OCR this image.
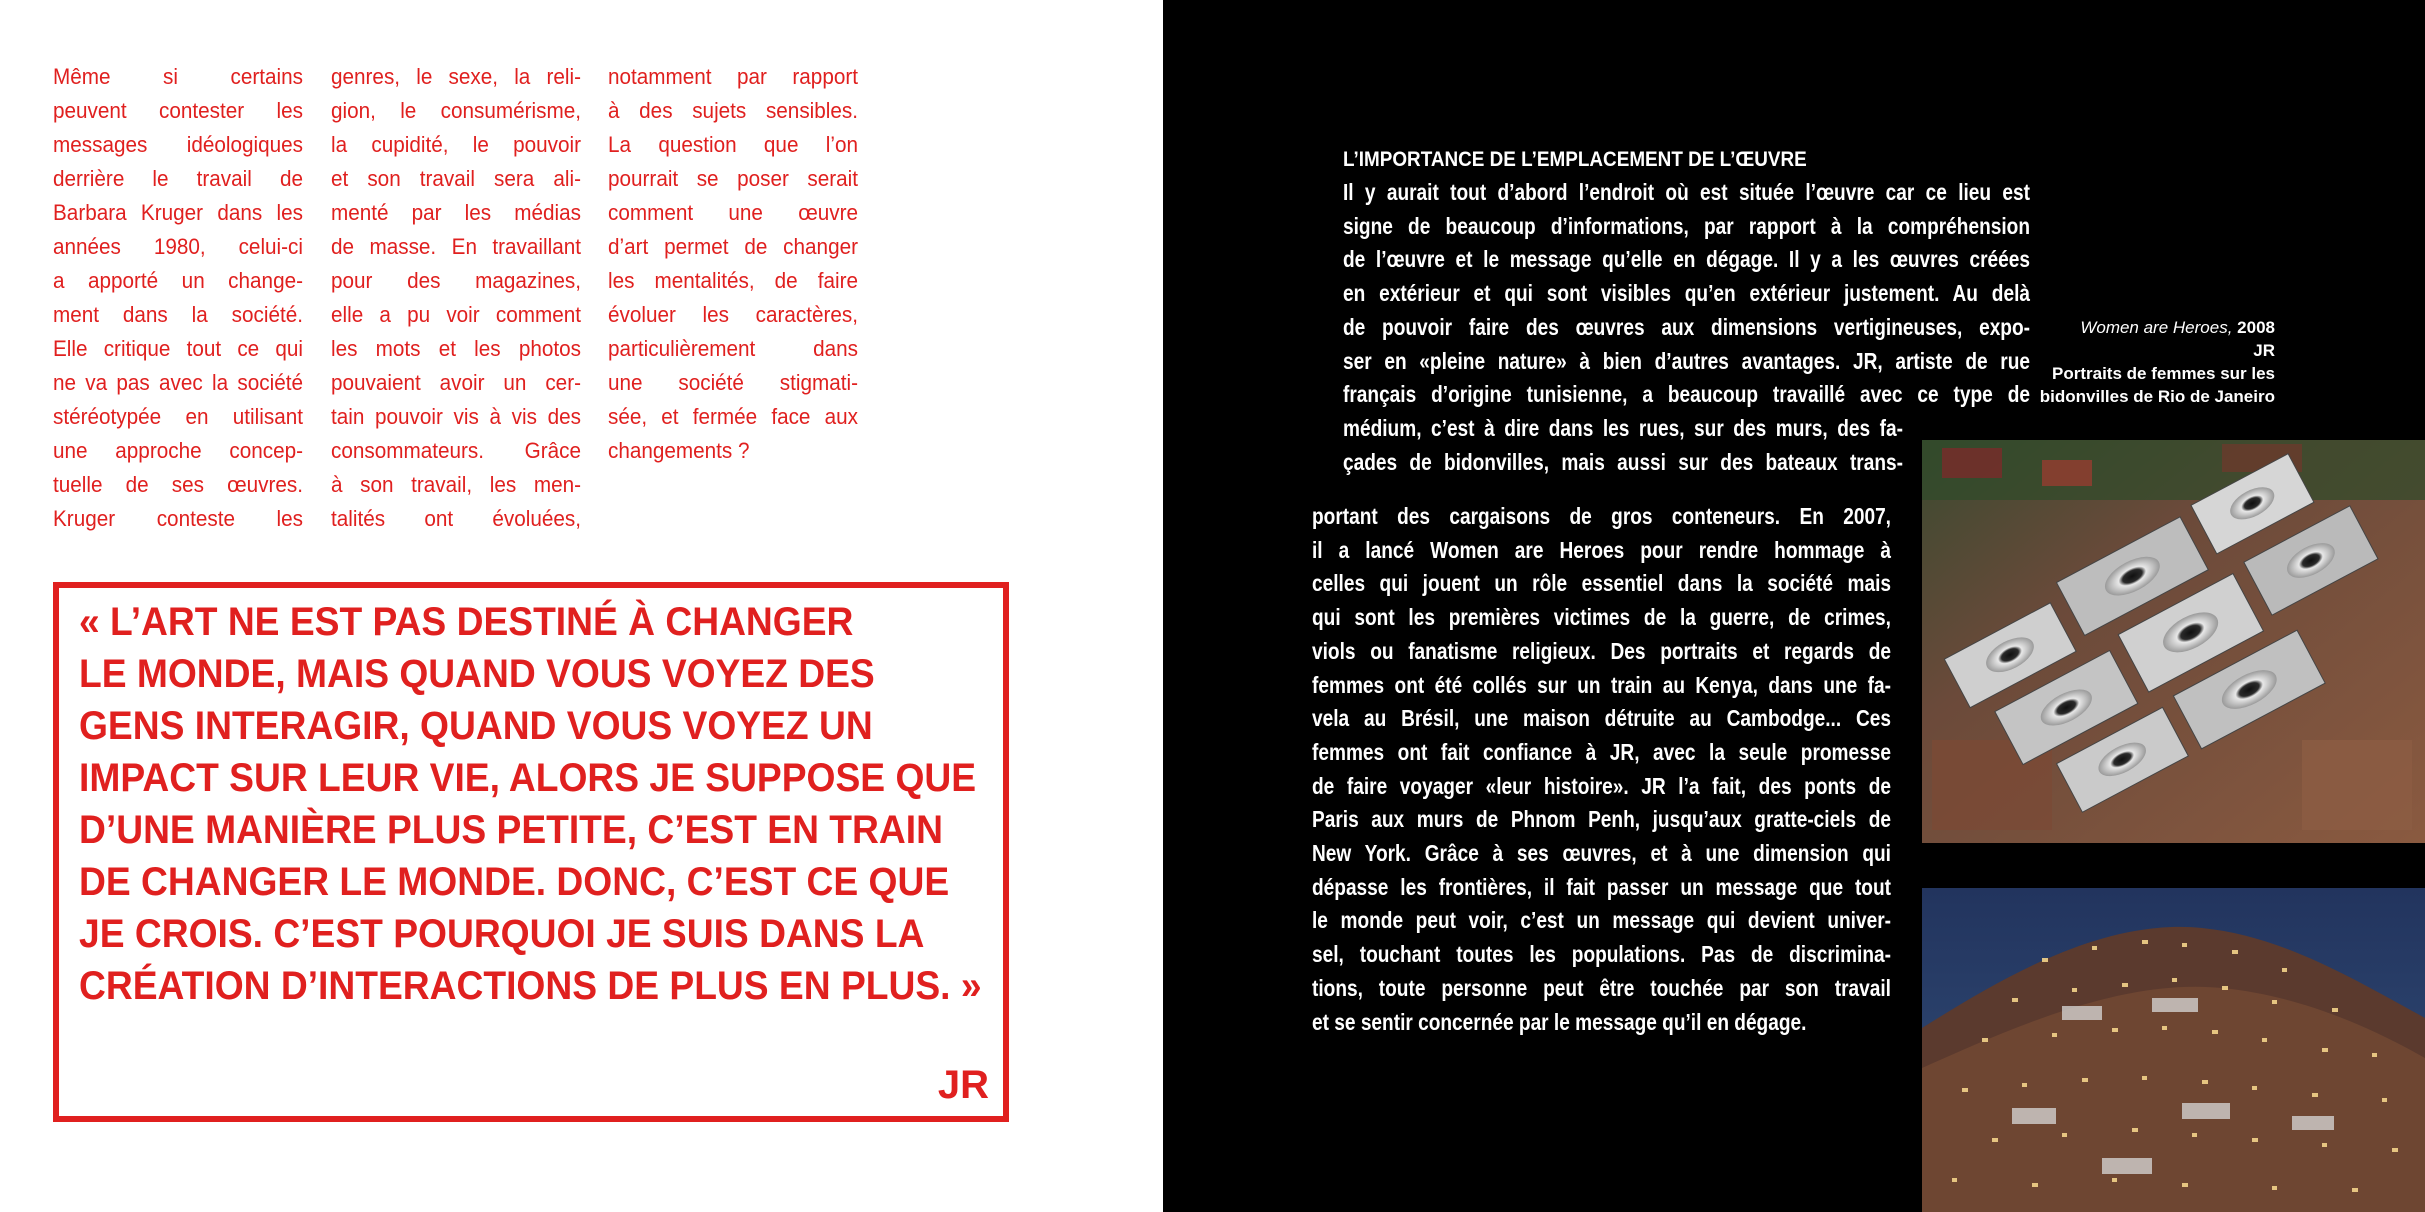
Même si certains
peuvent contester les
messages idéologiques
derrière le travail de
Barbara Kruger dans les
années 1980, celui-ci
a apporté un change-
ment dans la société.
Elle critique tout ce qui
ne va pas avec la société
stéréotypée en utilisant
une approche concep-
tuelle de ses œuvres.
Kruger conteste les
genres, le sexe, la reli-
gion, le consumérisme,
la cupidité, le pouvoir
et son travail sera ali-
menté par les médias
de masse. En travaillant
pour des magazines,
elle a pu voir comment
les mots et les photos
pouvaient avoir un cer-
tain pouvoir vis à vis des
consommateurs. Grâce
à son travail, les men-
talités ont évoluées,
notamment par rapport
à des sujets sensibles.
La question que l’on
pourrait se poser serait
comment une œuvre
d’art permet de changer
les mentalités, de faire
évoluer les caractères,
particulièrement dans
une société stigmati-
sée, et fermée face aux
changements ?
« L’ART NE EST PAS DESTINÉ À CHANGER
LE MONDE, MAIS QUAND VOUS VOYEZ DES
GENS INTERAGIR, QUAND VOUS VOYEZ UN
IMPACT SUR LEUR VIE, ALORS JE SUPPOSE QUE
D’UNE MANIÈRE PLUS PETITE, C’EST EN TRAIN
DE CHANGER LE MONDE. DONC, C’EST CE QUE
JE CROIS. C’EST POURQUOI JE SUIS DANS LA
CRÉATION D’INTERACTIONS DE PLUS EN PLUS. »
JR
L’IMPORTANCE DE L’EMPLACEMENT DE L’ŒUVRE
Il y aurait tout d’abord l’endroit où est située l’œuvre car ce lieu est
signe de beaucoup d’informations, par rapport à la compréhension
de l’œuvre et le message qu’elle en dégage. Il y a les œuvres créées
en extérieur et qui sont visibles qu’en extérieur justement. Au delà
de pouvoir faire des œuvres aux dimensions vertigineuses, expo-
ser en «pleine nature» à bien d’autres avantages. JR, artiste de rue
français d’origine tunisienne, a beaucoup travaillé avec ce type de
médium, c’est à dire dans les rues, sur des murs, des fa-
çades de bidonvilles, mais aussi sur des bateaux trans-
portant des cargaisons de gros conteneurs. En 2007,
il a lancé Women are Heroes pour rendre hommage à
celles qui jouent un rôle essentiel dans la société mais
qui sont les premières victimes de la guerre, de crimes,
viols ou fanatisme religieux. Des portraits et regards de
femmes ont été collés sur un train au Kenya, dans une fa-
vela au Brésil, une maison détruite au Cambodge... Ces
femmes ont fait confiance à JR, avec la seule promesse
de faire voyager «leur histoire». JR l’a fait, des ponts de
Paris aux murs de Phnom Penh, jusqu’aux gratte-ciels de
New York. Grâce à ses œuvres, et à une dimension qui
dépasse les frontières, il fait passer un message que tout
le monde peut voir, c’est un message qui devient univer-
sel, touchant toutes les populations. Pas de discrimina-
tions, toute personne peut être touchée par son travail
et se sentir concernée par le message qu’il en dégage.
Women are Heroes, 2008
JR
Portraits de femmes sur les
bidonvilles de Rio de Janeiro
